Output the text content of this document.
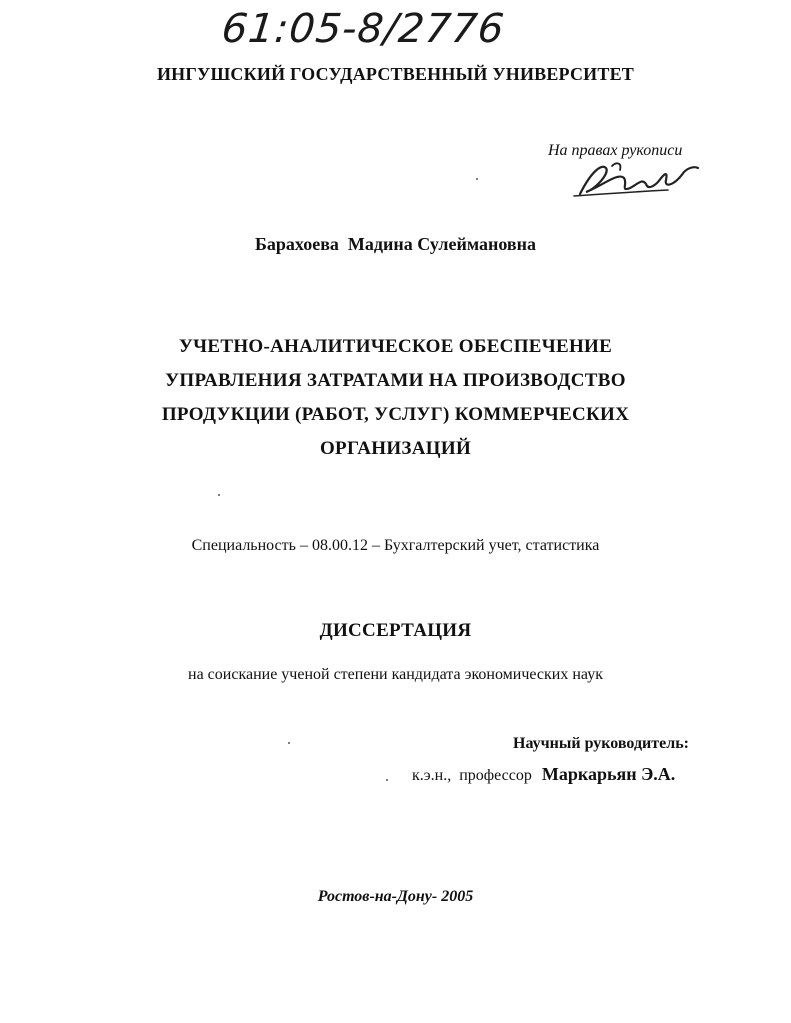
61:05-8/2776
ИНГУШСКИЙ ГОСУДАРСТВЕННЫЙ УНИВЕРСИТЕТ
На правах рукописи
Барахоева  Мадина Сулеймановна
УЧЕТНО-АНАЛИТИЧЕСКОЕ ОБЕСПЕЧЕНИЕ
УПРАВЛЕНИЯ ЗАТРАТАМИ НА ПРОИЗВОДСТВО
ПРОДУКЦИИ (РАБОТ, УСЛУГ) КОММЕРЧЕСКИХ
ОРГАНИЗАЦИЙ
Специальность – 08.00.12 – Бухгалтерский учет, статистика
ДИССЕРТАЦИЯ
на соискание ученой степени кандидата экономических наук
Научный руководитель:
к.э.н.,  профессор Маркарьян Э.А.
Ростов-на-Дону- 2005
